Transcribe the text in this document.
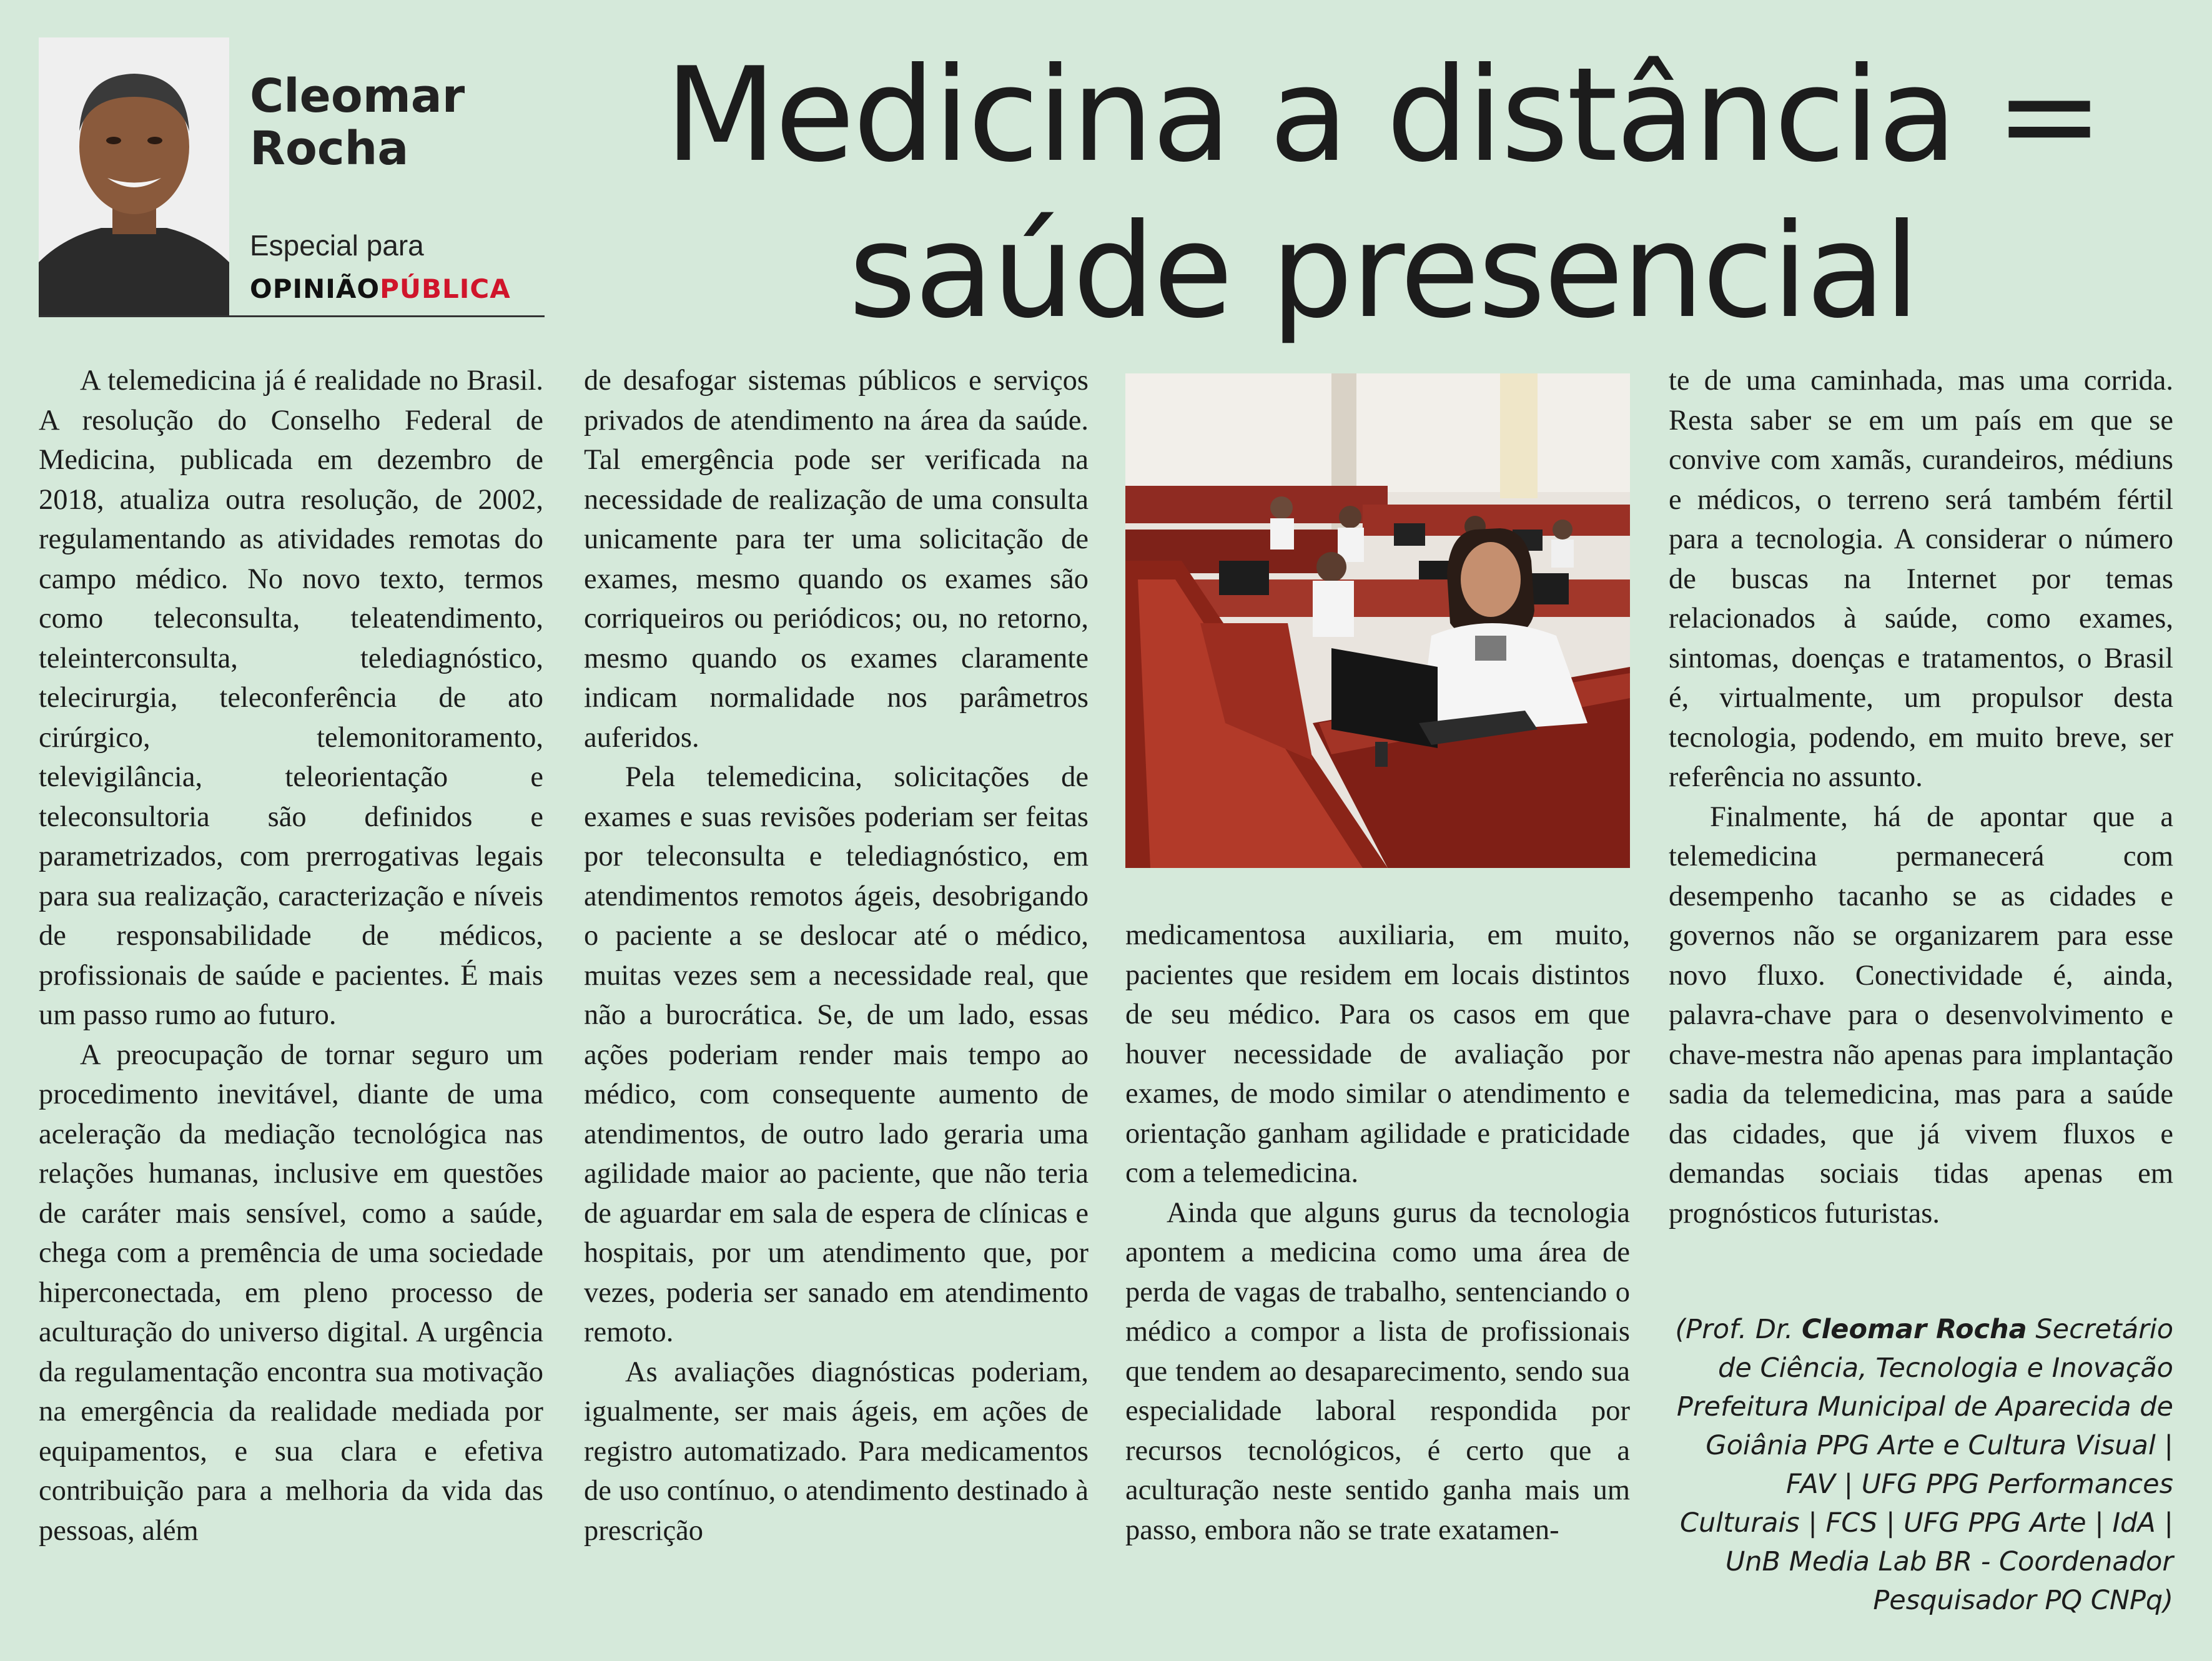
Cleomar
Rocha
Especial para
OPINIÃOPÚBLICA
Medicina a distância =
saúde presencial

A telemedicina já é realidade no Brasil. A resolução do Conselho Federal de Medicina, publicada em dezembro de 2018, atualiza outra resolução, de 2002, regulamentando as atividades remotas do campo médico. No novo texto, termos como teleconsulta, teleatendimento, teleinterconsulta, telediagnóstico, telecirurgia, teleconferência de ato cirúrgico, telemonitoramento, televigilância, teleorientação e teleconsultoria são definidos e parametrizados, com prerrogativas legais para sua realização, caracterização e níveis de responsabilidade de médicos, profissionais de saúde e pacientes. É mais um passo rumo ao futuro.

A preocupação de tornar seguro um procedimento inevitável, diante de uma aceleração da mediação tecnológica nas relações humanas, inclusive em questões de caráter mais sensível, como a saúde, chega com a premência de uma sociedade hiperconectada, em pleno processo de aculturação do universo digital. A urgência da regulamentação encontra sua motivação na emergência da realidade mediada por equipamentos, e sua clara e efetiva contribuição para a melhoria da vida das pessoas, além

de desafogar sistemas públicos e serviços privados de atendimento na área da saúde. Tal emergência pode ser verificada na necessidade de realização de uma consulta unicamente para ter uma solicitação de exames, mesmo quando os exames são corriqueiros ou periódicos; ou, no retorno, mesmo quando os exames claramente indicam normalidade nos parâmetros auferidos.

Pela telemedicina, solicitações de exames e suas revisões poderiam ser feitas por teleconsulta e telediagnóstico, em atendimentos remotos ágeis, desobrigando o paciente a se deslocar até o médico, muitas vezes sem a necessidade real, que não a burocrática. Se, de um lado, essas ações poderiam render mais tempo ao médico, com consequente aumento de atendimentos, de outro lado geraria uma agilidade maior ao paciente, que não teria de aguardar em sala de espera de clínicas e hospitais, por um atendimento que, por vezes, poderia ser sanado em atendimento remoto.

As avaliações diagnósticas poderiam, igualmente, ser mais ágeis, em ações de registro automatizado. Para medicamentos de uso contínuo, o atendimento destinado à prescrição

medicamentosa auxiliaria, em muito, pacientes que residem em locais distintos de seu médico. Para os casos em que houver necessidade de avaliação por exames, de modo similar o atendimento e orientação ganham agilidade e praticidade com a telemedicina.

Ainda que alguns gurus da tecnologia apontem a medicina como uma área de perda de vagas de trabalho, sentenciando o médico a compor a lista de profissionais que tendem ao desaparecimento, sendo sua especialidade laboral respondida por recursos tecnológicos, é certo que a aculturação neste sentido ganha mais um passo, embora não se trate exatamen-

te de uma caminhada, mas uma corrida. Resta saber se em um país em que se convive com xamãs, curandeiros, médiuns e médicos, o terreno será também fértil para a tecnologia. A considerar o número de buscas na Internet por temas relacionados à saúde, como exames, sintomas, doenças e tratamentos, o Brasil é, virtualmente, um propulsor desta tecnologia, podendo, em muito breve, ser referência no assunto.

Finalmente, há de apontar que a telemedicina permanecerá com desempenho tacanho se as cidades e governos não se organizarem para esse novo fluxo. Conectividade é, ainda, palavra-chave para o desenvolvimento e chave-mestra não apenas para implantação sadia da telemedicina, mas para a saúde das cidades, que já vivem fluxos e demandas sociais tidas apenas em prognósticos futuristas.

(Prof. Dr. Cleomar Rocha Secretário de Ciência, Tecnologia e Inovação Prefeitura Municipal de Aparecida de Goiânia PPG Arte e Cultura Visual | FAV | UFG PPG Performances Culturais | FCS | UFG PPG Arte | IdA | UnB Media Lab BR - Coordenador Pesquisador PQ CNPq)
